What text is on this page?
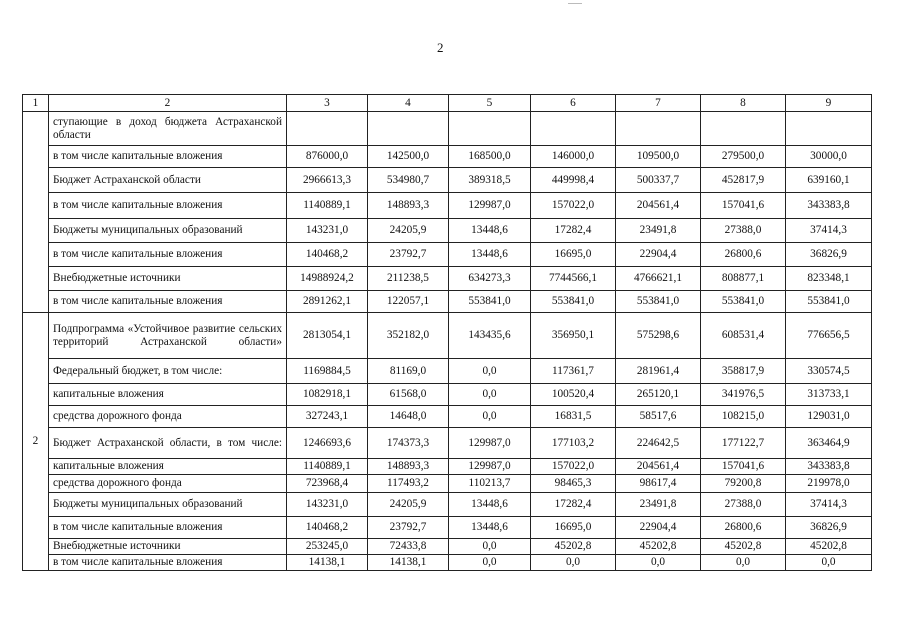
2
1	2	3	4	5	6	7	8	9
	ступающие в доход бюджета Астраханской области							
	в том числе капитальные вложения	876000,0	142500,0	168500,0	146000,0	109500,0	279500,0	30000,0
	Бюджет Астраханской области	2966613,3	534980,7	389318,5	449998,4	500337,7	452817,9	639160,1
	в том числе капитальные вложения	1140889,1	148893,3	129987,0	157022,0	204561,4	157041,6	343383,8
	Бюджеты муниципальных образований	143231,0	24205,9	13448,6	17282,4	23491,8	27388,0	37414,3
	в том числе капитальные вложения	140468,2	23792,7	13448,6	16695,0	22904,4	26800,6	36826,9
	Внебюджетные источники	14988924,2	211238,5	634273,3	7744566,1	4766621,1	808877,1	823348,1
	в том числе капитальные вложения	2891262,1	122057,1	553841,0	553841,0	553841,0	553841,0	553841,0
2	Подпрограмма «Устойчивое развитие сельских территорий Астраханской области»	2813054,1	352182,0	143435,6	356950,1	575298,6	608531,4	776656,5
	Федеральный бюджет, в том числе:	1169884,5	81169,0	0,0	117361,7	281961,4	358817,9	330574,5
	капитальные вложения	1082918,1	61568,0	0,0	100520,4	265120,1	341976,5	313733,1
	средства дорожного фонда	327243,1	14648,0	0,0	16831,5	58517,6	108215,0	129031,0
	Бюджет Астраханской области, в том числе:	1246693,6	174373,3	129987,0	177103,2	224642,5	177122,7	363464,9
	капитальные вложения	1140889,1	148893,3	129987,0	157022,0	204561,4	157041,6	343383,8
	средства дорожного фонда	723968,4	117493,2	110213,7	98465,3	98617,4	79200,8	219978,0
	Бюджеты муниципальных образований	143231,0	24205,9	13448,6	17282,4	23491,8	27388,0	37414,3
	в том числе капитальные вложения	140468,2	23792,7	13448,6	16695,0	22904,4	26800,6	36826,9
	Внебюджетные источники	253245,0	72433,8	0,0	45202,8	45202,8	45202,8	45202,8
	в том числе капитальные вложения	14138,1	14138,1	0,0	0,0	0,0	0,0	0,0
